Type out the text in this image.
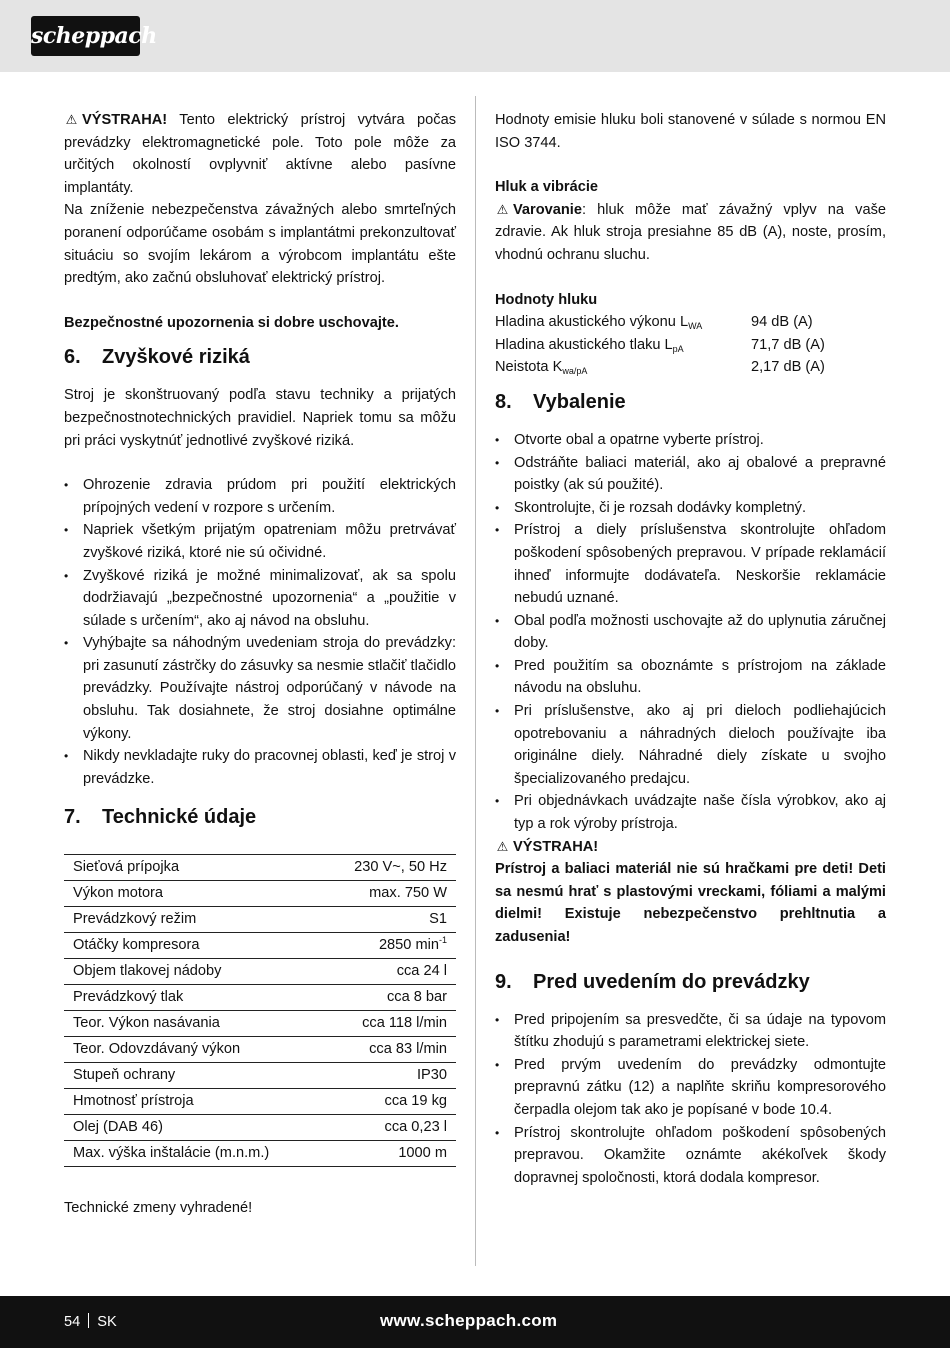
scheppach

⚠ VÝSTRAHA! Tento elektrický prístroj vytvára počas prevádzky elektromagnetické pole. Toto pole môže za určitých okolností ovplyvniť aktívne alebo pasívne implantáty.

Na zníženie nebezpečenstva závažných alebo smrteľných poranení odporúčame osobám s implantátmi prekonzultovať situáciu so svojím lekárom a výrobcom implantátu ešte predtým, ako začnú obsluhovať elektrický prístroj.

Bezpečnostné upozornenia si dobre uschovajte.

6. Zvyškové riziká

Stroj je skonštruovaný podľa stavu techniky a prijatých bezpečnostnotechnických pravidiel. Napriek tomu sa môžu pri práci vyskytnúť jednotlivé zvyškové riziká.

• Ohrozenie zdravia prúdom pri použití elektrických prípojných vedení v rozpore s určením.
• Napriek všetkým prijatým opatreniam môžu pretrvávať zvyškové riziká, ktoré nie sú očividné.
• Zvyškové riziká je možné minimalizovať, ak sa spolu dodržiavajú „bezpečnostné upozornenia“ a „použitie v súlade s určením“, ako aj návod na obsluhu.
• Vyhýbajte sa náhodným uvedeniam stroja do prevádzky: pri zasunutí zástrčky do zásuvky sa nesmie stlačiť tlačidlo prevádzky. Používajte nástroj odporúčaný v návode na obsluhu. Tak dosiahnete, že stroj dosiahne optimálne výkony.
• Nikdy nevkladajte ruky do pracovnej oblasti, keď je stroj v prevádzke.
7. Technické údaje
Sieťová prípojka	230 V~, 50 Hz
Výkon motora	max. 750 W
Prevádzkový režim	S1
Otáčky kompresora	2850 $\min^{-1}$
Objem tlakovej nádoby	cca 24 l
Prevádzkový tlak	cca 8 bar
Teor. Výkon nasávania	cca 118 l/min
Teor. Odovzdávaný výkon	cca 83 l/min
Stupeň ochrany	IP30
Hmotnosť prístroja	cca 19 kg
Olej (DAB 46)	cca 0,23 l
Max. výška inštalácie (m.n.m.)	1000 m

Technické zmeny vyhradené!

Hodnoty emisie hluku boli stanovené v súlade s normou EN ISO 3744.

Hluk a vibrácie

⚠ Varovanie: hluk môže mať závažný vplyv na vaše zdravie. Ak hluk stroja presiahne 85 dB (A), noste, prosím, vhodnú ochranu sluchu.

Hodnoty hluku

Hladina akustického výkonu $L_{WA}$	94 dB (A)
Hladina akustického tlaku $L_{pA}$	71,7 dB (A)
Neistota $K_{wa/pA}$	2,17 dB (A)
8. Vybalenie
• Otvorte obal a opatrne vyberte prístroj.
• Odstráňte baliaci materiál, ako aj obalové a prepravné poistky (ak sú použité).
• Skontrolujte, či je rozsah dodávky kompletný.
• Prístroj a diely príslušenstva skontrolujte ohľadom poškodení spôsobených prepravou. V prípade reklamácií ihneď informujte dodávateľa. Neskoršie reklamácie nebudú uznané.
• Obal podľa možnosti uschovajte až do uplynutia záručnej doby.
• Pred použitím sa oboznámte s prístrojom na základe návodu na obsluhu.
• Pri príslušenstve, ako aj pri dieloch podliehajúcich opotrebovaniu a náhradných dieloch používajte iba originálne diely. Náhradné diely získate u svojho špecializovaného predajcu.
• Pri objednávkach uvádzajte naše čísla výrobkov, ako aj typ a rok výroby prístroja.

⚠ VÝSTRAHA!

Prístroj a baliaci materiál nie sú hračkami pre deti! Deti sa nesmú hrať s plastovými vreckami, fóliami a malými dielmi! Existuje nebezpečenstvo prehltnutia a zadusenia!

9. Pred uvedením do prevádzky
• Pred pripojením sa presvedčte, či sa údaje na typovom štítku zhodujú s parametrami elektrickej siete.
• Pred prvým uvedením do prevádzky odmontujte prepravnú zátku (12) a naplňte skriňu kompresorového čerpadla olejom tak ako je popísané v bode 10.4.
• Prístroj skontrolujte ohľadom poškodení spôsobených prepravou. Okamžite oznámte akékoľvek škody dopravnej spoločnosti, ktorá dodala kompresor.
54 SK	www.scheppach.com
